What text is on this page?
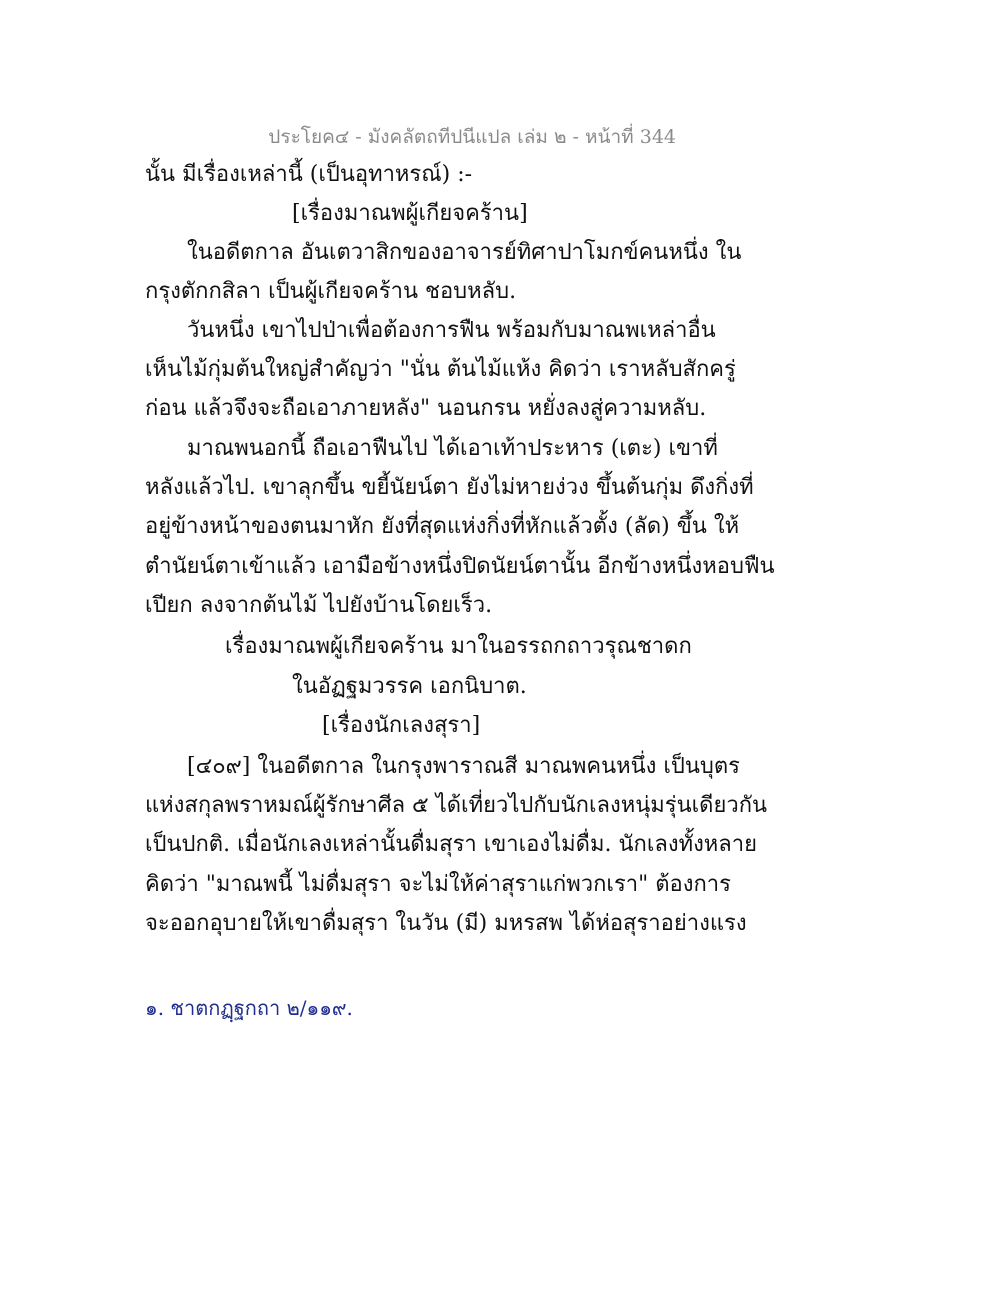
ประโยค๔ - มังคลัตถทีปนีแปล เล่ม ๒ - หน้าที่ 344
นั้น มีเรื่องเหล่านี้ (เป็นอุทาหรณ์) :-
[เรื่องมาณพผู้เกียจคร้าน]
ในอดีตกาล อันเตวาสิกของอาจารย์ทิศาปาโมกข์คนหนึ่ง ใน
กรุงตักกสิลา เป็นผู้เกียจคร้าน ชอบหลับ.
วันหนึ่ง เขาไปป่าเพื่อต้องการฟืน พร้อมกับมาณพเหล่าอื่น
เห็นไม้กุ่มต้นใหญ่สำคัญว่า "นั่น ต้นไม้แห้ง คิดว่า เราหลับสักครู่
ก่อน แล้วจึงจะถือเอาภายหลัง" นอนกรน หยั่งลงสู่ความหลับ.
มาณพนอกนี้ ถือเอาฟืนไป ได้เอาเท้าประหาร (เตะ) เขาที่
หลังแล้วไป. เขาลุกขึ้น ขยี้นัยน์ตา ยังไม่หายง่วง ขึ้นต้นกุ่ม ดึงกิ่งที่
อยู่ข้างหน้าของตนมาหัก ยังที่สุดแห่งกิ่งที่หักแล้วตั้ง (ลัด) ขึ้น ให้
ตำนัยน์ตาเข้าแล้ว เอามือข้างหนึ่งปิดนัยน์ตานั้น อีกข้างหนึ่งหอบฟืน
เปียก ลงจากต้นไม้ ไปยังบ้านโดยเร็ว.
เรื่องมาณพผู้เกียจคร้าน มาในอรรถกถาวรุณชาดก
ในอัฏฐมวรรค เอกนิบาต.
[เรื่องนักเลงสุรา]
[๔๐๙] ในอดีตกาล ในกรุงพาราณสี มาณพคนหนึ่ง เป็นบุตร
แห่งสกุลพราหมณ์ผู้รักษาศีล ๕ ได้เที่ยวไปกับนักเลงหนุ่มรุ่นเดียวกัน
เป็นปกติ. เมื่อนักเลงเหล่านั้นดื่มสุรา เขาเองไม่ดื่ม. นักเลงทั้งหลาย
คิดว่า "มาณพนี้ ไม่ดื่มสุรา จะไม่ให้ค่าสุราแก่พวกเรา" ต้องการ
จะออกอุบายให้เขาดื่มสุรา ในวัน (มี) มหรสพ ได้ห่อสุราอย่างแรง
๑. ชาตกฏฺฐกถา ๒/๑๑๙.
